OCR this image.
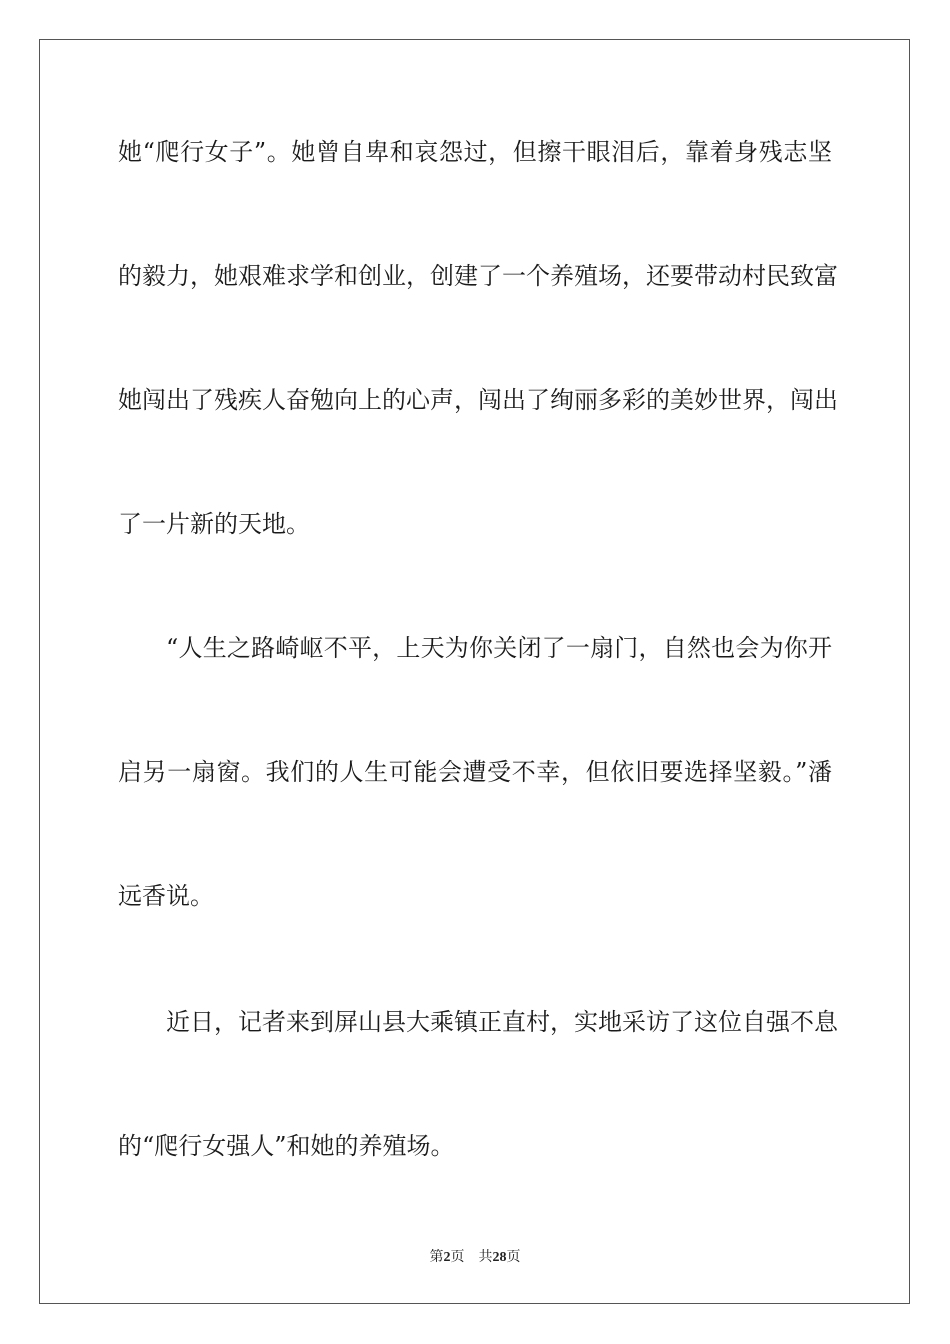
她“爬行女子”。她曾自卑和哀怨过，但擦干眼泪后，靠着身残志坚
的毅力，她艰难求学和创业，创建了一个养殖场，还要带动村民致富
她闯出了残疾人奋勉向上的心声，闯出了绚丽多彩的美妙世界，闯出
了一片新的天地。
“人生之路崎岖不平，上天为你关闭了一扇门，自然也会为你开
启另一扇窗。我们的人生可能会遭受不幸，但依旧要选择坚毅。”潘
远香说。
近日，记者来到屏山县大乘镇正直村，实地采访了这位自强不息
的“爬行女强人”和她的养殖场。
第2页 共28页
